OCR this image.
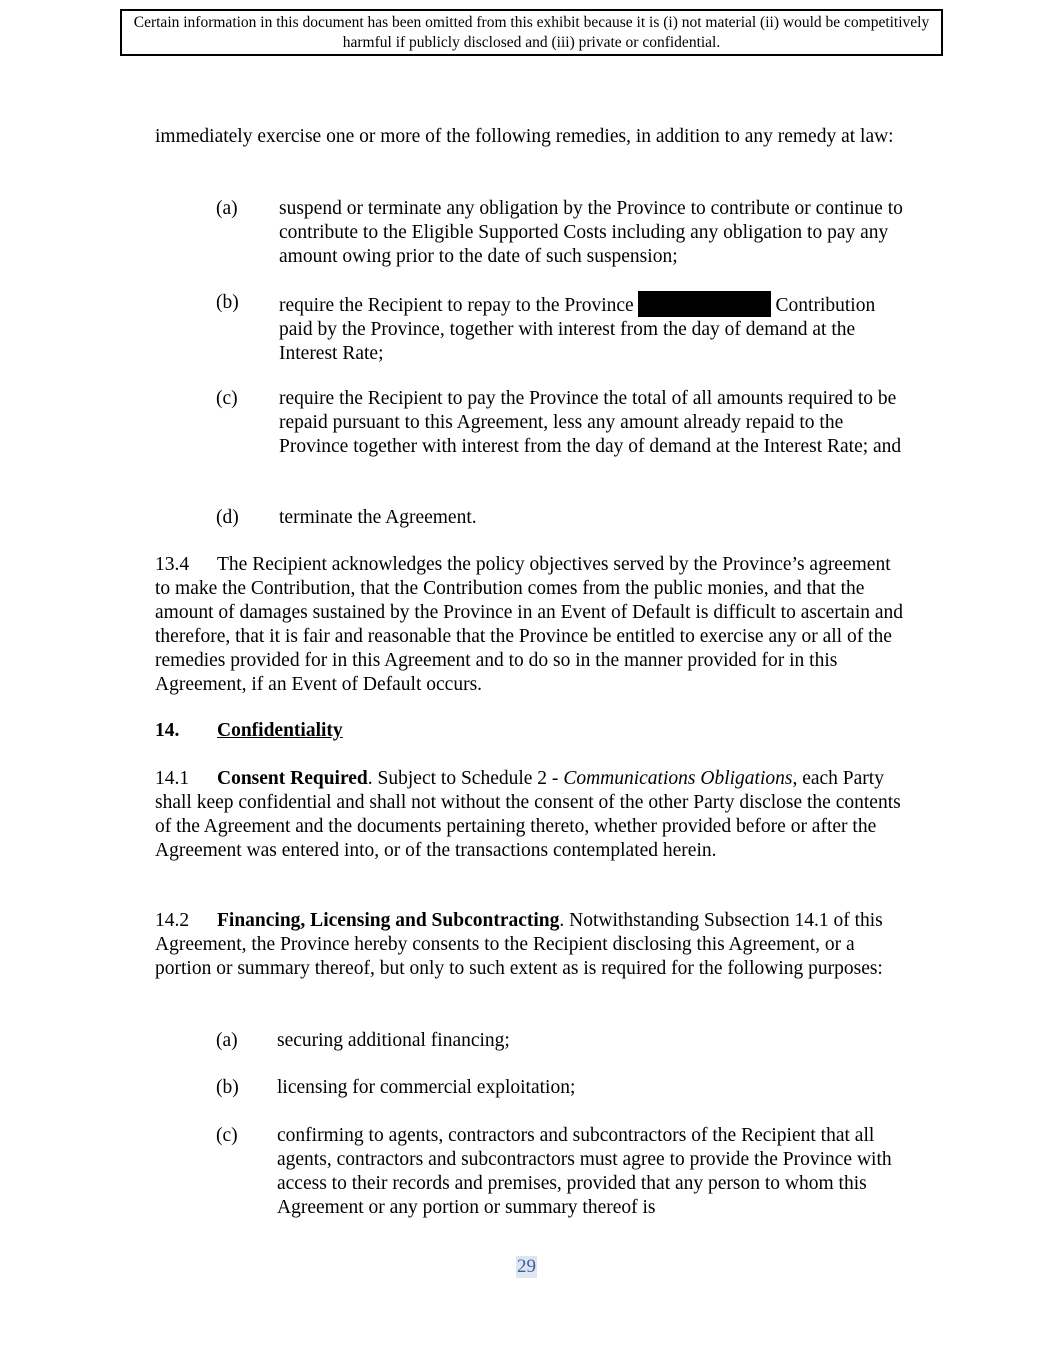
Certain information in this document has been omitted from this exhibit because it is (i) not material (ii) would be competitively harmful if publicly disclosed and (iii) private or confidential.

immediately exercise one or more of the following remedies, in addition to any remedy at law:

(a) suspend or terminate any obligation by the Province to contribute or continue to contribute to the Eligible Supported Costs including any obligation to pay any amount owing prior to the date of such suspension;
(b) require the Recipient to repay to the Province	Contribution paid by the Province, together with interest from the day of demand at the Interest Rate;
(c) require the Recipient to pay the Province the total of all amounts required to be repaid pursuant to this Agreement, less any amount already repaid to the Province together with interest from the day of demand at the Interest Rate; and
(d) terminate the Agreement.

13.4 The Recipient acknowledges the policy objectives served by the Province’s agreement to make the Contribution, that the Contribution comes from the public monies, and that the amount of damages sustained by the Province in an Event of Default is difficult to ascertain and therefore, that it is fair and reasonable that the Province be entitled to exercise any or all of the remedies provided for in this Agreement and to do so in the manner provided for in this Agreement, if an Event of Default occurs.

14. Confidentiality

14.1 Consent Required. Subject to Schedule 2 - Communications Obligations, each Party shall keep confidential and shall not without the consent of the other Party disclose the contents of the Agreement and the documents pertaining thereto, whether provided before or after the Agreement was entered into, or of the transactions contemplated herein.

14.2 Financing, Licensing and Subcontracting. Notwithstanding Subsection 14.1 of this Agreement, the Province hereby consents to the Recipient disclosing this Agreement, or a portion or summary thereof, but only to such extent as is required for the following purposes:

(a) securing additional financing;
(b) licensing for commercial exploitation;
(c) confirming to agents, contractors and subcontractors of the Recipient that all agents, contractors and subcontractors must agree to provide the Province with access to their records and premises, provided that any person to whom this Agreement or any portion or summary thereof is
29
